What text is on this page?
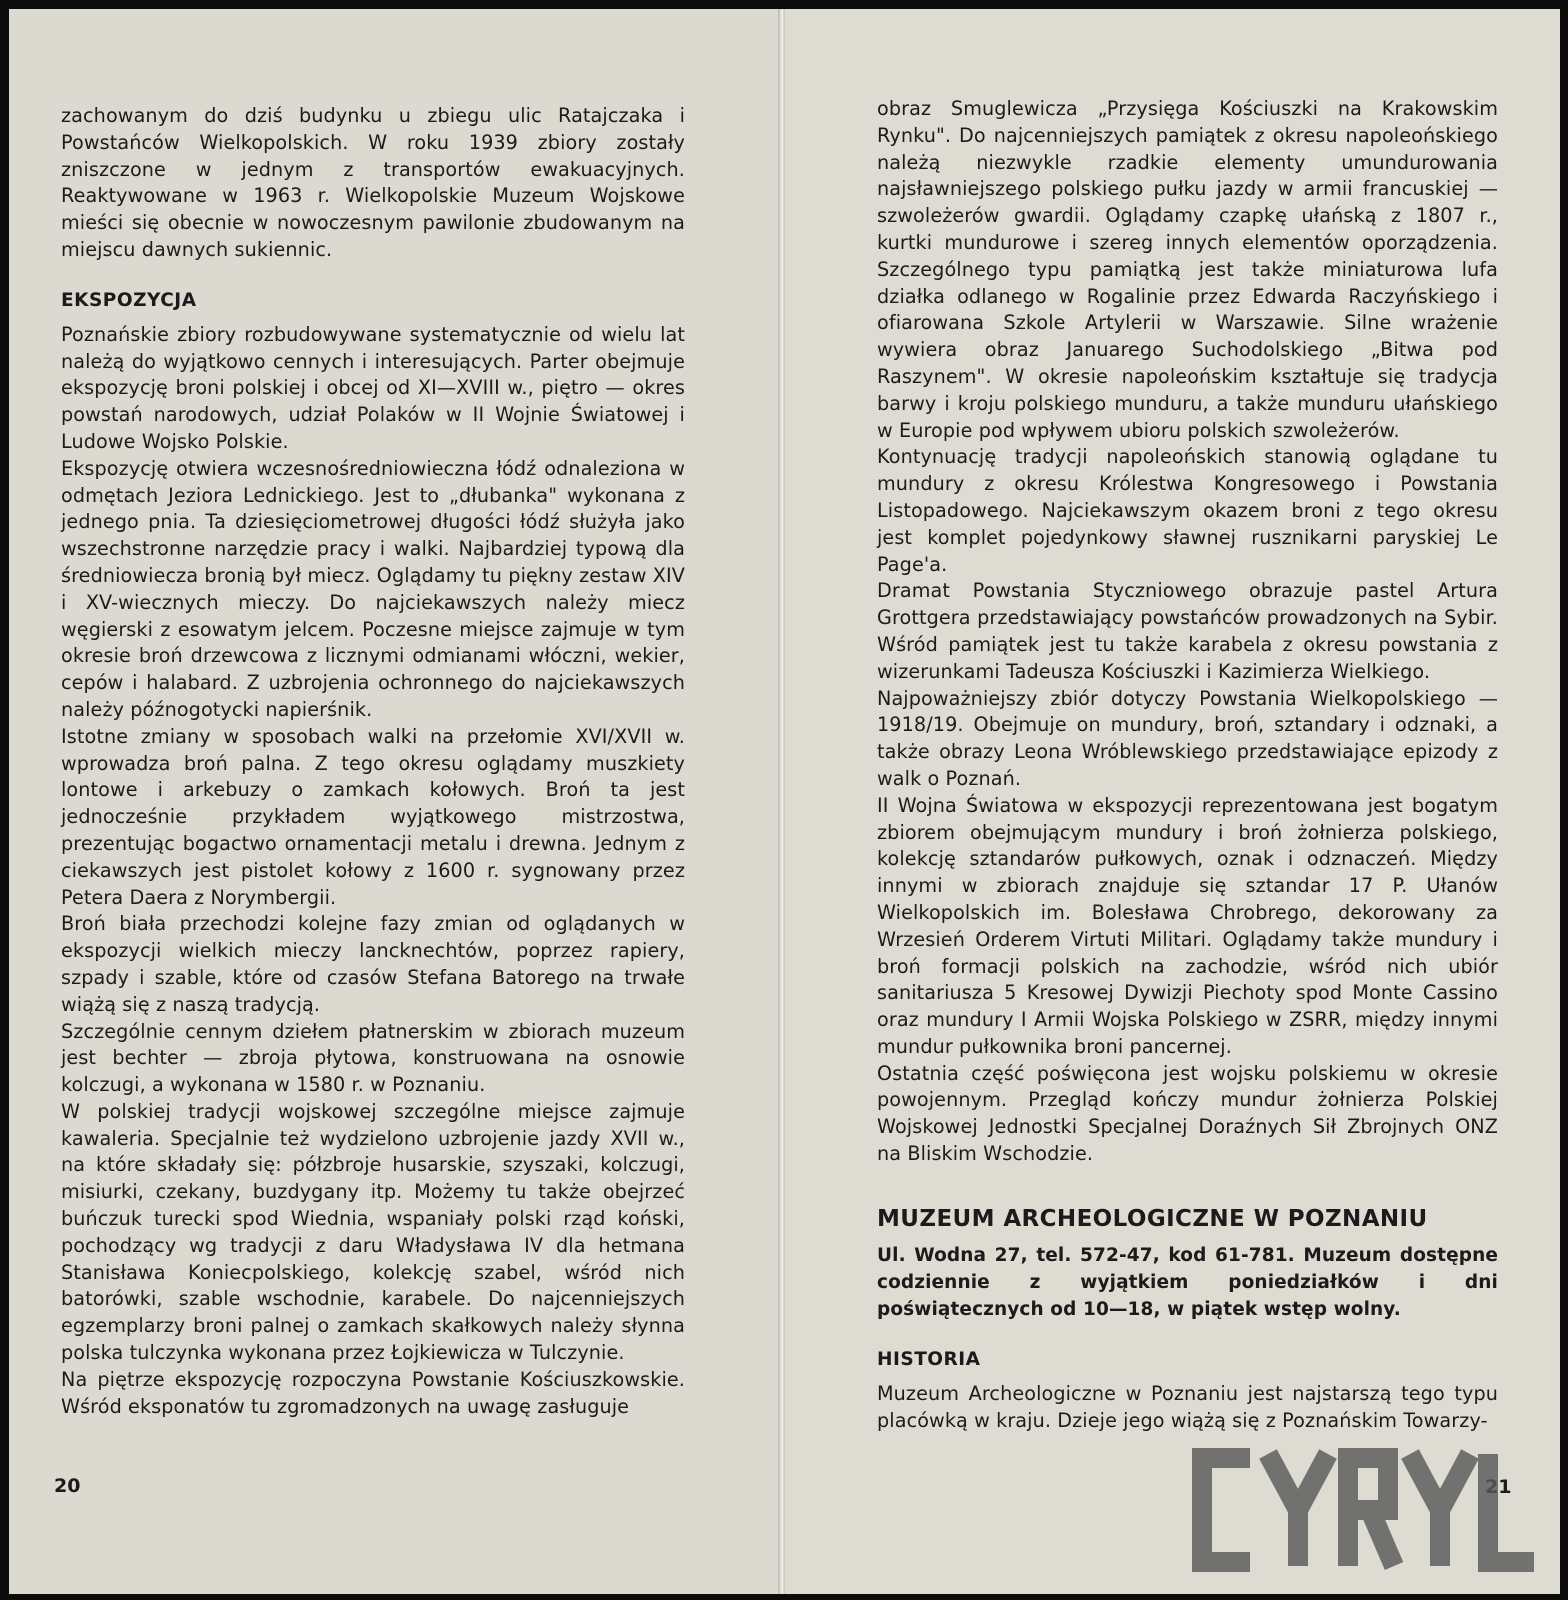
zachowanym do dziś budynku u zbiegu ulic Ratajczaka i Powstańców Wielkopolskich. W roku 1939 zbiory zostały zniszczone w jednym z transportów ewakuacyjnych. Reaktywowane w 1963 r. Wielkopolskie Muzeum Wojskowe mieści się obecnie w nowoczesnym pawilonie zbudowanym na miejscu dawnych sukiennic.

EKSPOZYCJA

Poznańskie zbiory rozbudowywane systematycznie od wielu lat należą do wyjątkowo cennych i interesujących. Parter obejmuje ekspozycję broni polskiej i obcej od XI—XVIII w., piętro — okres powstań narodowych, udział Polaków w II Wojnie Światowej i Ludowe Wojsko Polskie.

Ekspozycję otwiera wczesnośredniowieczna łódź odnaleziona w odmętach Jeziora Lednickiego. Jest to „dłubanka" wykonana z jednego pnia. Ta dziesięciometrowej długości łódź służyła jako wszechstronne narzędzie pracy i walki. Najbardziej typową dla średniowiecza bronią był miecz. Oglądamy tu piękny zestaw XIV i XV-wiecznych mieczy. Do najciekawszych należy miecz węgierski z esowatym jelcem. Poczesne miejsce zajmuje w tym okresie broń drzewcowa z licznymi odmianami włóczni, wekier, cepów i halabard. Z uzbrojenia ochronnego do najciekawszych należy późnogotycki napierśnik.

Istotne zmiany w sposobach walki na przełomie XVI/XVII w. wprowadza broń palna. Z tego okresu oglądamy muszkiety lontowe i arkebuzy o zamkach kołowych. Broń ta jest jednocześnie przykładem wyjątkowego mistrzostwa, prezentując bogactwo ornamentacji metalu i drewna. Jednym z ciekawszych jest pistolet kołowy z 1600 r. sygnowany przez Petera Daera z Norymbergii.

Broń biała przechodzi kolejne fazy zmian od oglądanych w ekspozycji wielkich mieczy lancknechtów, poprzez rapiery, szpady i szable, które od czasów Stefana Batorego na trwałe wiążą się z naszą tradycją.

Szczególnie cennym dziełem płatnerskim w zbiorach muzeum jest bechter — zbroja płytowa, konstruowana na osnowie kolczugi, a wykonana w 1580 r. w Poznaniu.

W polskiej tradycji wojskowej szczególne miejsce zajmuje kawaleria. Specjalnie też wydzielono uzbrojenie jazdy XVII w., na które składały się: półzbroje husarskie, szyszaki, kolczugi, misiurki, czekany, buzdygany itp. Możemy tu także obejrzeć buńczuk turecki spod Wiednia, wspaniały polski rząd koński, pochodzący wg tradycji z daru Władysława IV dla hetmana Stanisława Koniecpolskiego, kolekcję szabel, wśród nich batorówki, szable wschodnie, karabele. Do najcenniejszych egzemplarzy broni palnej o zamkach skałkowych należy słynna polska tulczynka wykonana przez Łojkiewicza w Tulczynie.

Na piętrze ekspozycję rozpoczyna Powstanie Kościuszkowskie. Wśród eksponatów tu zgromadzonych na uwagę zasługuje

20

obraz Smuglewicza „Przysięga Kościuszki na Krakowskim Rynku". Do najcenniejszych pamiątek z okresu napoleońskiego należą niezwykle rzadkie elementy umundurowania najsławniejszego polskiego pułku jazdy w armii francuskiej — szwoleżerów gwardii. Oglądamy czapkę ułańską z 1807 r., kurtki mundurowe i szereg innych elementów oporządzenia. Szczególnego typu pamiątką jest także miniaturowa lufa działka odlanego w Rogalinie przez Edwarda Raczyńskiego i ofiarowana Szkole Artylerii w Warszawie. Silne wrażenie wywiera obraz Januarego Suchodolskiego „Bitwa pod Raszynem". W okresie napoleońskim kształtuje się tradycja barwy i kroju polskiego munduru, a także munduru ułańskiego w Europie pod wpływem ubioru polskich szwoleżerów.

Kontynuację tradycji napoleońskich stanowią oglądane tu mundury z okresu Królestwa Kongresowego i Powstania Listopadowego. Najciekawszym okazem broni z tego okresu jest komplet pojedynkowy sławnej rusznikarni paryskiej Le Page'a.

Dramat Powstania Styczniowego obrazuje pastel Artura Grottgera przedstawiający powstańców prowadzonych na Sybir. Wśród pamiątek jest tu także karabela z okresu powstania z wizerunkami Tadeusza Kościuszki i Kazimierza Wielkiego.

Najpoważniejszy zbiór dotyczy Powstania Wielkopolskiego — 1918/19. Obejmuje on mundury, broń, sztandary i odznaki, a także obrazy Leona Wróblewskiego przedstawiające epizody z walk o Poznań.

II Wojna Światowa w ekspozycji reprezentowana jest bogatym zbiorem obejmującym mundury i broń żołnierza polskiego, kolekcję sztandarów pułkowych, oznak i odznaczeń. Między innymi w zbiorach znajduje się sztandar 17 P. Ułanów Wielkopolskich im. Bolesława Chrobrego, dekorowany za Wrzesień Orderem Virtuti Militari. Oglądamy także mundury i broń formacji polskich na zachodzie, wśród nich ubiór sanitariusza 5 Kresowej Dywizji Piechoty spod Monte Cassino oraz mundury I Armii Wojska Polskiego w ZSRR, między innymi mundur pułkownika broni pancernej.

Ostatnia część poświęcona jest wojsku polskiemu w okresie powojennym. Przegląd kończy mundur żołnierza Polskiej Wojskowej Jednostki Specjalnej Doraźnych Sił Zbrojnych ONZ na Bliskim Wschodzie.

MUZEUM ARCHEOLOGICZNE W POZNANIU

Ul. Wodna 27, tel. 572-47, kod 61-781. Muzeum dostępne codziennie z wyjątkiem poniedziałków i dni poświątecznych od 10—18, w piątek wstęp wolny.

HISTORIA

Muzeum Archeologiczne w Poznaniu jest najstarszą tego typu placówką w kraju. Dzieje jego wiążą się z Poznańskim Towarzy-

21
